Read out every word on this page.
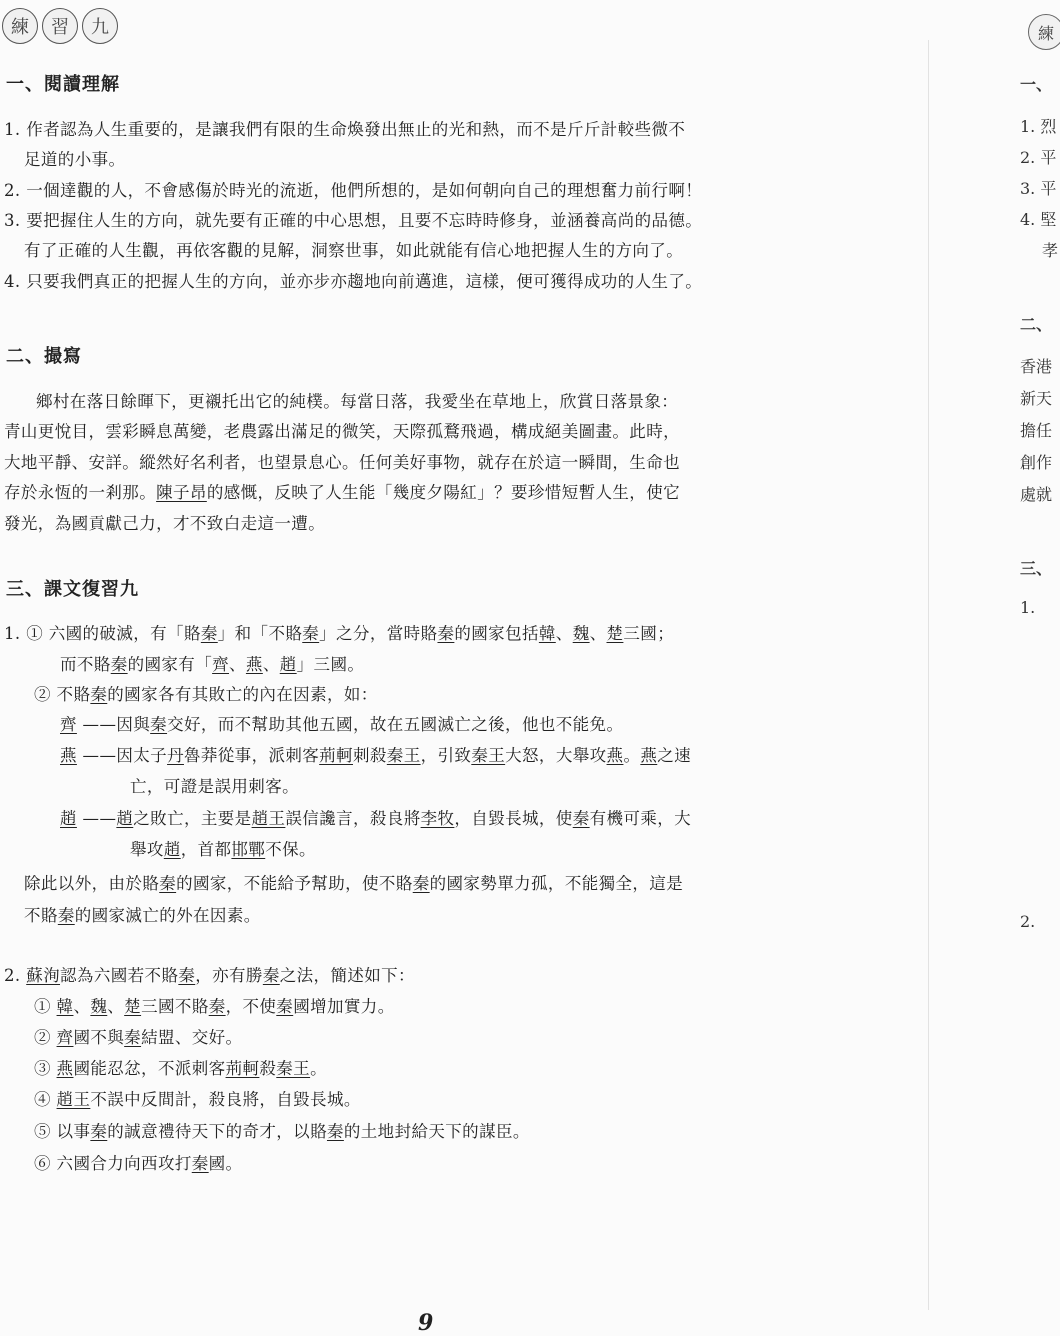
練	習	九
一、閱讀理解
1. 作者認為人生重要的，是讓我們有限的生命煥發出無止的光和熱，而不是斤斤計較些微不
足道的小事。
2. 一個達觀的人，不會感傷於時光的流逝，他們所想的，是如何朝向自己的理想奮力前行啊！
3. 要把握住人生的方向，就先要有正確的中心思想，且要不忘時時修身，並涵養高尚的品德。
有了正確的人生觀，再依客觀的見解，洞察世事，如此就能有信心地把握人生的方向了。
4. 只要我們真正的把握人生的方向，並亦步亦趨地向前邁進，這樣，便可獲得成功的人生了。
二、撮寫
鄉村在落日餘暉下，更襯托出它的純樸。每當日落，我愛坐在草地上，欣賞日落景象：
青山更悅目，雲彩瞬息萬變，老農露出滿足的微笑，天際孤鶩飛過，構成絕美圖畫。此時，
大地平靜、安詳。縱然好名利者，也望景息心。任何美好事物，就存在於這一瞬間，生命也
存於永恆的一剎那。陳子昂的感慨，反映了人生能「幾度夕陽紅」？要珍惜短暫人生，使它
發光，為國貢獻己力，才不致白走這一遭。
三、課文復習九
1. ① 六國的破滅，有「賂秦」和「不賂秦」之分，當時賂秦的國家包括韓、魏、楚三國；
而不賂秦的國家有「齊、燕、趙」三國。
② 不賂秦的國家各有其敗亡的內在因素，如：
齊 ——因與秦交好，而不幫助其他五國，故在五國滅亡之後，他也不能免。
燕 ——因太子丹魯莽從事，派刺客荊軻刺殺秦王，引致秦王大怒，大舉攻燕。燕之速
亡，可證是誤用刺客。
趙 ——趙之敗亡，主要是趙王誤信讒言，殺良將李牧，自毀長城，使秦有機可乘，大
舉攻趙，首都邯鄲不保。
除此以外，由於賂秦的國家，不能給予幫助，使不賂秦的國家勢單力孤，不能獨全，這是
不賂秦的國家滅亡的外在因素。
2. 蘇洵認為六國若不賂秦，亦有勝秦之法，簡述如下：
① 韓、魏、楚三國不賂秦，不使秦國增加實力。
② 齊國不與秦結盟、交好。
③ 燕國能忍忿，不派刺客荊軻殺秦王。
④ 趙王不誤中反間計，殺良將，自毀長城。
⑤ 以事秦的誠意禮待天下的奇才，以賂秦的土地封給天下的謀臣。
⑥ 六國合力向西攻打秦國。
9
練
一、
1. 烈
2. 平
3. 平
4. 堅
孝
二、
香港
新天
擔任
創作
處就
三、
1.
2.
